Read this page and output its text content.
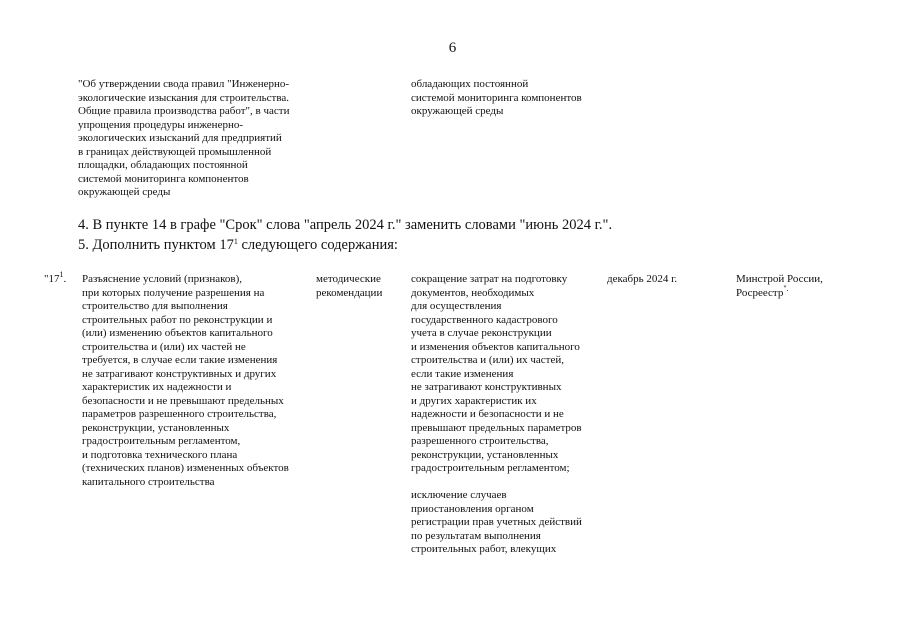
6
"Об утверждении свода правил "Инженерно-
экологические изыскания для строительства.
Общие правила производства работ", в части
упрощения процедуры инженерно-
экологических изысканий для предприятий
в границах действующей промышленной
площадки, обладающих постоянной
системой мониторинга компонентов
окружающей среды
обладающих постоянной
системой мониторинга компонентов
окружающей среды
4. В пункте 14 в графе "Срок" слова "апрель 2024 г." заменить словами "июнь 2024 г.".
5. Дополнить пунктом $17^1$ следующего содержания:
"$17^1$. Разъяснение условий (признаков),
при которых получение разрешения на
строительство для выполнения
строительных работ по реконструкции и
(или) изменению объектов капитального
строительства и (или) их частей не
требуется, в случае если такие изменения
не затрагивают конструктивных и других
характеристик их надежности и
безопасности и не превышают предельных
параметров разрешенного строительства,
реконструкции, установленных
градостроительным регламентом,
и подготовка технического плана
(технических планов) измененных объектов
капитального строительства
методические
рекомендации
сокращение затрат на подготовку
документов, необходимых
для осуществления
государственного кадастрового
учета в случае реконструкции
и изменения объектов капитального
строительства и (или) их частей,
если такие изменения
не затрагивают конструктивных
и других характеристик их
надежности и безопасности и не
превышают предельных параметров
разрешенного строительства,
реконструкции, установленных
градостроительным регламентом;
исключение случаев
приостановления органом
регистрации прав учетных действий
по результатам выполнения
строительных работ, влекущих
декабрь 2024 г.	Минстрой России,
Росреестр".
